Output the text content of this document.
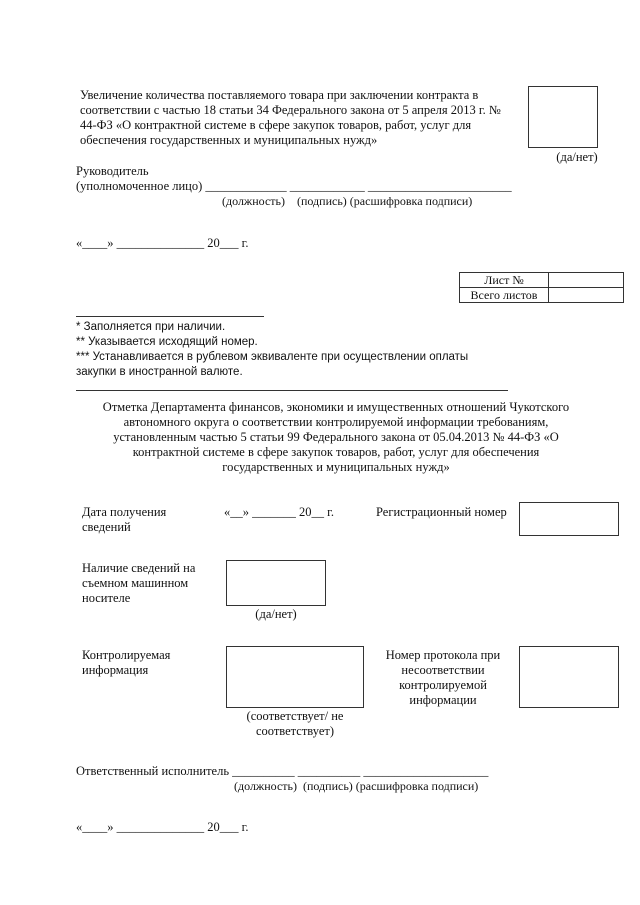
Увеличение количества поставляемого товара при заключении контракта в соответствии с частью 18 статьи 34 Федерального закона от 5 апреля 2013 г. № 44-ФЗ «О контрактной системе в сфере закупок товаров, работ, услуг для обеспечения государственных и муниципальных нужд»
(да/нет)
Руководитель
(уполномоченное лицо) _____________ ____________ _______________________
(должность)    (подпись) (расшифровка подписи)
«____» ______________ 20___ г.
Лист №	
Всего листов	
* Заполняется при наличии.
** Указывается исходящий номер.
*** Устанавливается в рублевом эквиваленте при осуществлении оплаты закупки в иностранной валюте.
Отметка Департамента финансов, экономики и имущественных отношений Чукотского автономного округа о соответствии контролируемой информации требованиям, установленным частью 5 статьи 99 Федерального закона от 05.04.2013 № 44-ФЗ «О контрактной системе в сфере закупок товаров, работ, услуг для обеспечения государственных и муниципальных нужд»
Дата получения сведений
«__» _______ 20__ г.	Регистрационный номер
Наличие сведений на съемном машинном носителе
(да/нет)
Контролируемая информация
(соответствует/ не соответствует)
Номер протокола при несоответствии контролируемой информации
Ответственный исполнитель __________ __________ ____________________
(должность)  (подпись) (расшифровка подписи)
«____» ______________ 20___ г.
